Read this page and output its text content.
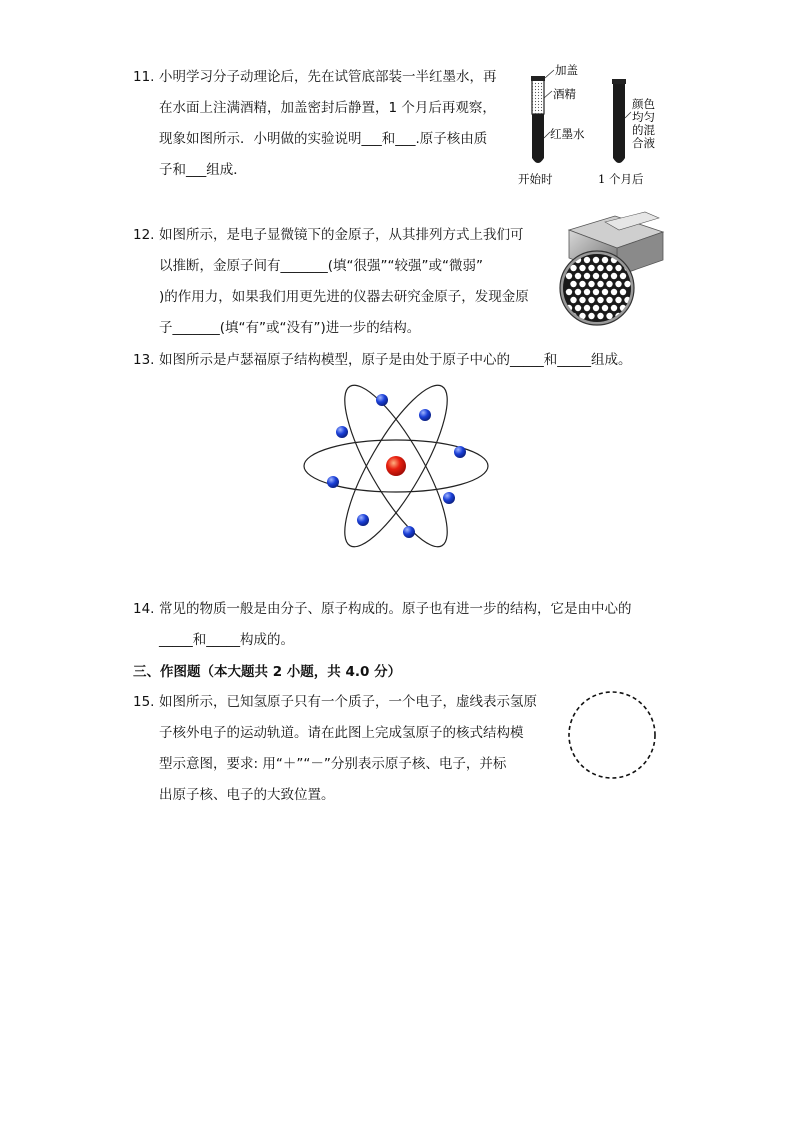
11. 小明学习分子动理论后，先在试管底部装一半红墨水，再
在水面上注满酒精，加盖密封后静置，1 个月后再观察，
现象如图所示．小明做的实验说明___和___.原子核由质
子和___组成．
加盖
酒精
红墨水
颜色
均匀
的混
合液
开始时	1 个月后
12. 如图所示，是电子显微镜下的金原子，从其排列方式上我们可
以推断，金原子间有_______(填“很强”“较强”或“微弱”
)的作用力，如果我们用更先进的仪器去研究金原子，发现金原
子_______(填“有”或“没有”)进一步的结构。
13. 如图所示是卢瑟福原子结构模型，原子是由处于原子中心的_____和_____组成。
14. 常见的物质一般是由分子、原子构成的。原子也有进一步的结构，它是由中心的
_____和_____构成的。
三、作图题（本大题共 2 小题，共 4.0 分）
15. 如图所示，已知氢原子只有一个质子，一个电子，虚线表示氢原
子核外电子的运动轨道。请在此图上完成氢原子的核式结构模
型示意图，要求: 用“＋”“－”分别表示原子核、电子，并标
出原子核、电子的大致位置。
